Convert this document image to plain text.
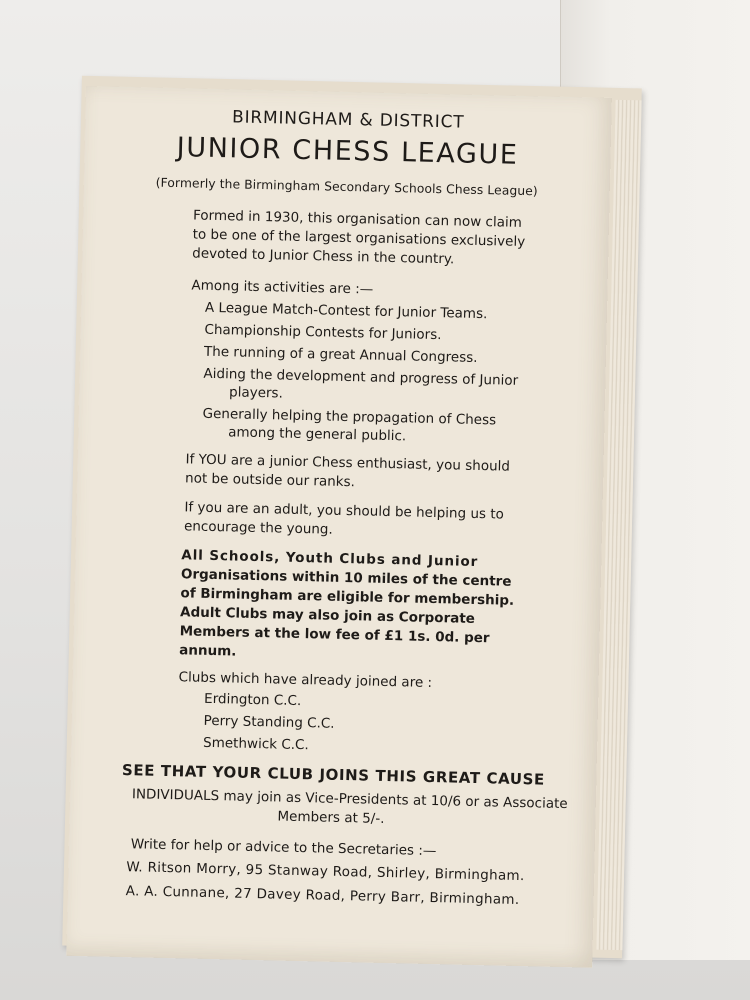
BIRMINGHAM & DISTRICT
JUNIOR CHESS LEAGUE
(Formerly the Birmingham Secondary Schools Chess League)
Formed in 1930, this organisation can now claim
to be one of the largest organisations exclusively
devoted to Junior Chess in the country.
Among its activities are :—
A League Match-Contest for Junior Teams.
Championship Contests for Juniors.
The running of a great Annual Congress.
Aiding the development and progress of Junior
players.
Generally helping the propagation of Chess
among the general public.
If YOU are a junior Chess enthusiast, you should
not be outside our ranks.
If you are an adult, you should be helping us to
encourage the young.
All Schools, Youth Clubs and Junior
Organisations within 10 miles of the centre
of Birmingham are eligible for membership.
Adult Clubs may also join as Corporate
Members at the low fee of £1 1s. 0d. per
annum.
Clubs which have already joined are :
Erdington C.C.
Perry Standing C.C.
Smethwick C.C.
SEE THAT YOUR CLUB JOINS THIS GREAT CAUSE
INDIVIDUALS may join as Vice-Presidents at 10/6 or as Associate
Members at 5/-.
Write for help or advice to the Secretaries :—
W. Ritson Morry, 95 Stanway Road, Shirley, Birmingham.
A. A. Cunnane, 27 Davey Road, Perry Barr, Birmingham.
